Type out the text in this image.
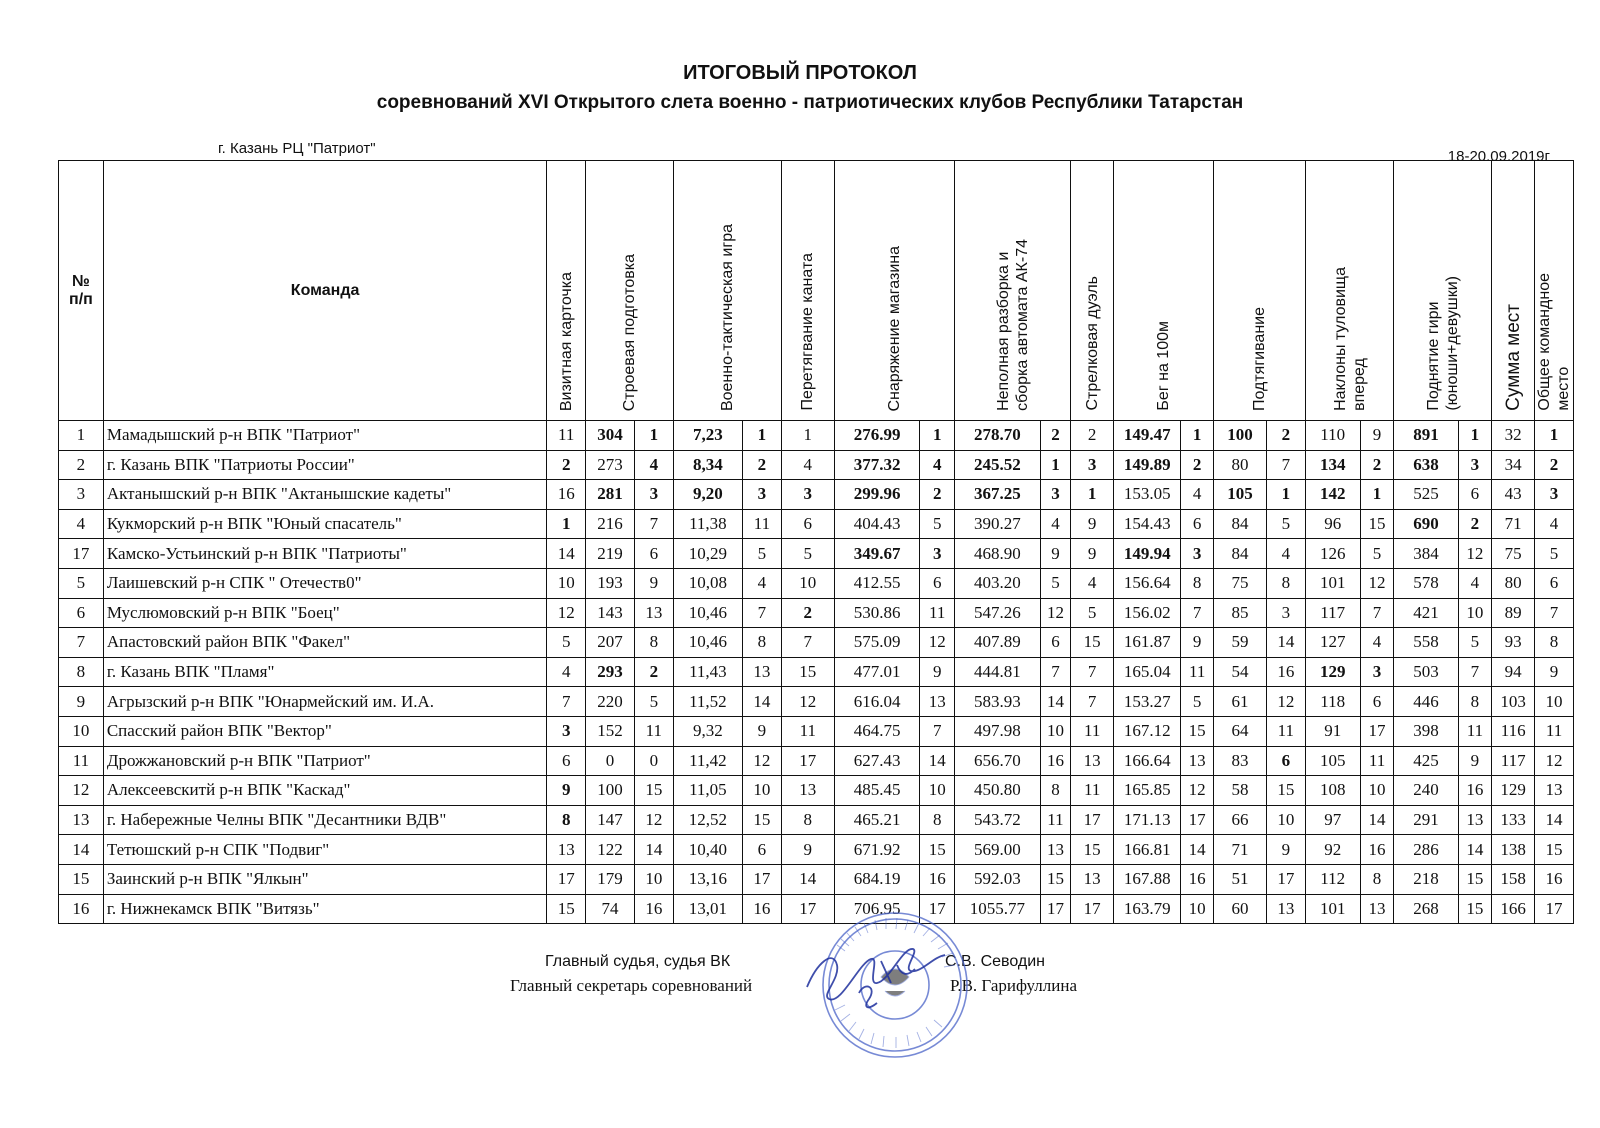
ИТОГОВЫЙ ПРОТОКОЛ
соревнований XVI Открытого слета военно - патриотических клубов Республики Татарстан
г. Казань РЦ "Патриот"	18-20.09.2019г
№
п/п	Команда	Визитная карточка	Строевая подготовка		Военно-тактическая игра		Перетягвание каната	Снаряжение магазина		Неполная разборка и
сборка автомата АК-74		Стрелковая дуэль	Бег на 100м		Подтягивание		Наклоны туловища
вперед		Поднятие гири
(юноши+девушки)		Сумма мест	Общее командное
место
1	Мамадышский р-н ВПК "Патриот"	11	304	1	7,23	1	1	276.99	1	278.70	2	2	149.47	1	100	2	110	9	891	1	32	1
2	г. Казань ВПК "Патриоты России"	2	273	4	8,34	2	4	377.32	4	245.52	1	3	149.89	2	80	7	134	2	638	3	34	2
3	Актанышский р-н ВПК "Актанышские кадеты"	16	281	3	9,20	3	3	299.96	2	367.25	3	1	153.05	4	105	1	142	1	525	6	43	3
4	Кукморский р-н ВПК "Юный спасатель"	1	216	7	11,38	11	6	404.43	5	390.27	4	9	154.43	6	84	5	96	15	690	2	71	4
17	Камско-Устьинский р-н ВПК "Патриоты"	14	219	6	10,29	5	5	349.67	3	468.90	9	9	149.94	3	84	4	126	5	384	12	75	5
5	Лаишевский р-н СПК " Отечеств0"	10	193	9	10,08	4	10	412.55	6	403.20	5	4	156.64	8	75	8	101	12	578	4	80	6
6	Муслюмовский р-н ВПК "Боец"	12	143	13	10,46	7	2	530.86	11	547.26	12	5	156.02	7	85	3	117	7	421	10	89	7
7	Апастовский район ВПК "Факел"	5	207	8	10,46	8	7	575.09	12	407.89	6	15	161.87	9	59	14	127	4	558	5	93	8
8	г. Казань ВПК "Пламя"	4	293	2	11,43	13	15	477.01	9	444.81	7	7	165.04	11	54	16	129	3	503	7	94	9
9	Агрызский р-н ВПК "Юнармейский им. И.А.	7	220	5	11,52	14	12	616.04	13	583.93	14	7	153.27	5	61	12	118	6	446	8	103	10
10	Спасский район ВПК "Вектор"	3	152	11	9,32	9	11	464.75	7	497.98	10	11	167.12	15	64	11	91	17	398	11	116	11
11	Дрожжановский р-н ВПК "Патриот"	6	0	0	11,42	12	17	627.43	14	656.70	16	13	166.64	13	83	6	105	11	425	9	117	12
12	Алексеевскитй р-н ВПК "Каскад"	9	100	15	11,05	10	13	485.45	10	450.80	8	11	165.85	12	58	15	108	10	240	16	129	13
13	г. Набережные Челны ВПК "Десантники ВДВ"	8	147	12	12,52	15	8	465.21	8	543.72	11	17	171.13	17	66	10	97	14	291	13	133	14
14	Тетюшский р-н СПК "Подвиг"	13	122	14	10,40	6	9	671.92	15	569.00	13	15	166.81	14	71	9	92	16	286	14	138	15
15	Заинский р-н ВПК "Ялкын"	17	179	10	13,16	17	14	684.19	16	592.03	15	13	167.88	16	51	17	112	8	218	15	158	16
16	г. Нижнекамск ВПК "Витязь"	15	74	16	13,01	16	17	706.95	17	1055.77	17	17	163.79	10	60	13	101	13	268	15	166	17
Главный судья, судья ВК	С.В. Севодин
Главный секретарь соревнований	Р.В. Гарифуллина
